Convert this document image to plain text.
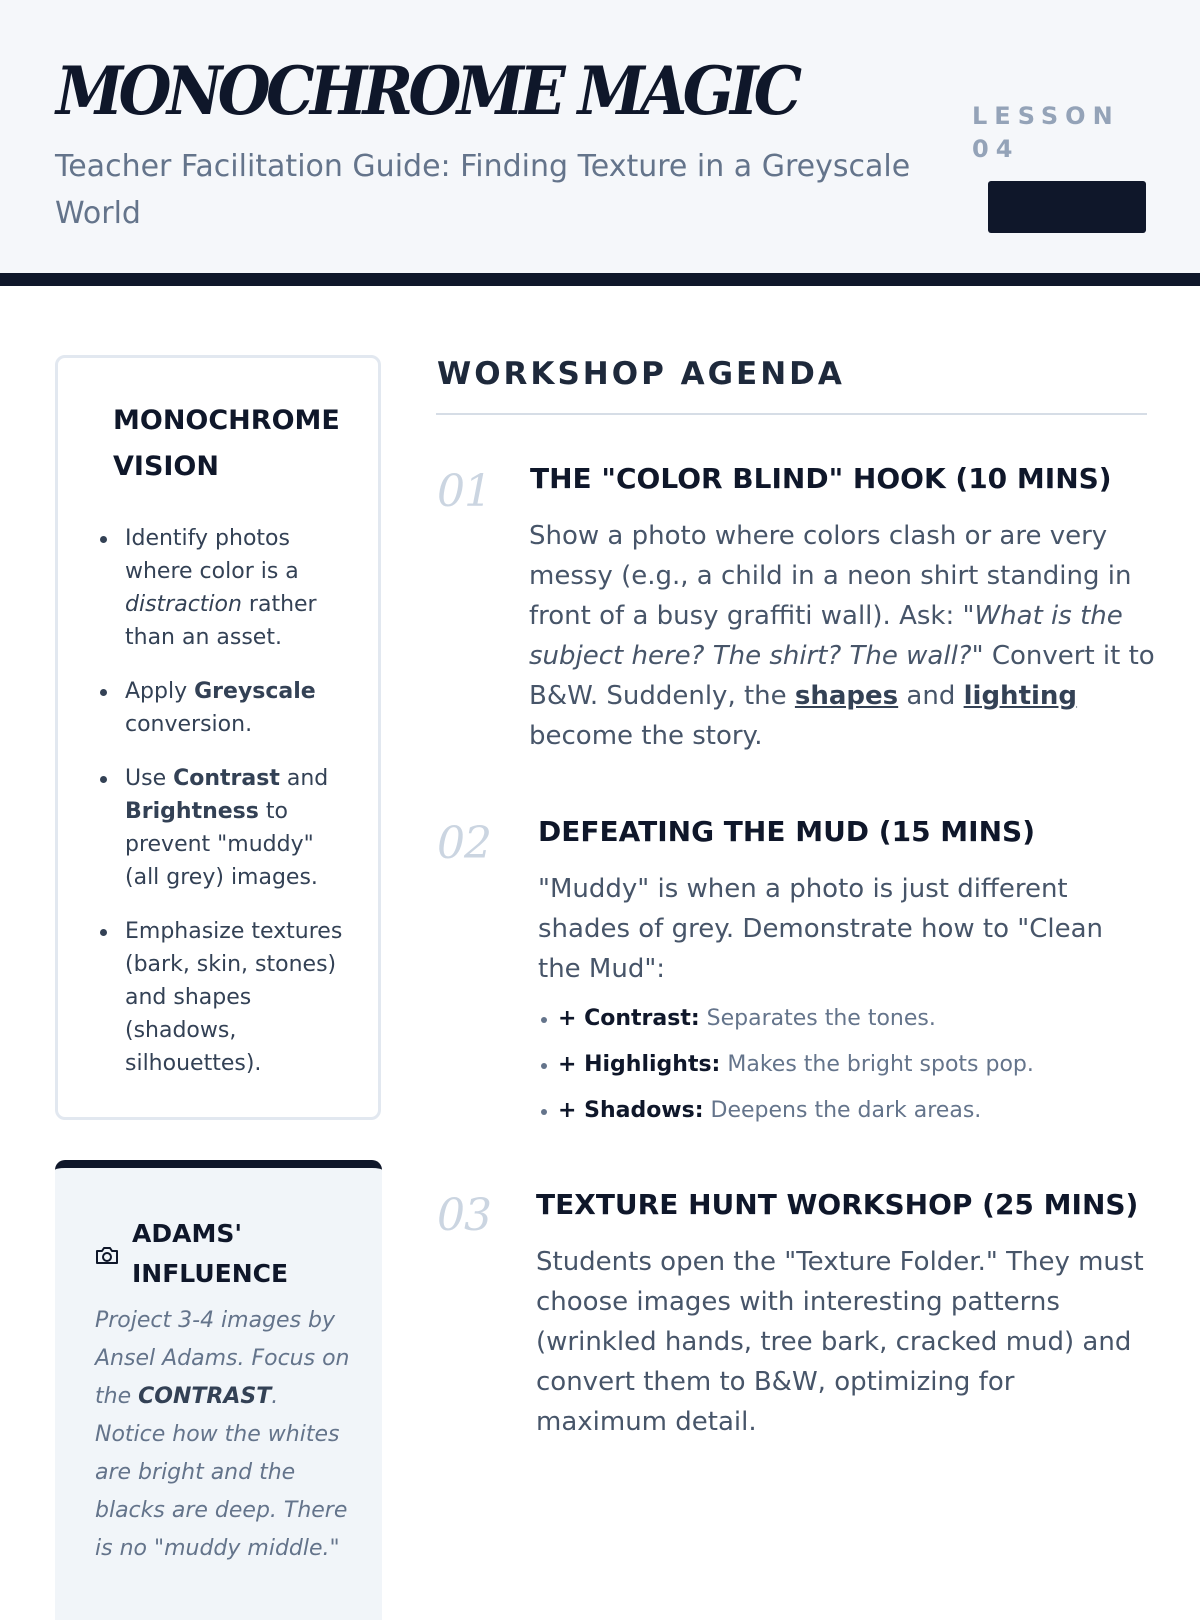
MONOCHROME MAGIC
Teacher Facilitation Guide: Finding Texture in a Greyscale World
LESSON 04
MONOCHROME VISION
Identify photos where color is a distraction rather than an asset.
Apply Greyscale conversion.
Use Contrast and Brightness to prevent "muddy" (all grey) images.
Emphasize textures (bark, skin, stones) and shapes (shadows, silhouettes).
ADAMS' INFLUENCE
Project 3-4 images by Ansel Adams. Focus on the CONTRAST. Notice how the whites are bright and the blacks are deep. There is no "muddy middle."
WORKSHOP AGENDA
01 THE "COLOR BLIND" HOOK (10 MINS)
Show a photo where colors clash or are very messy (e.g., a child in a neon shirt standing in front of a busy graffiti wall). Ask: "What is the subject here? The shirt? The wall?" Convert it to B&W. Suddenly, the shapes and lighting become the story.
02 DEFEATING THE MUD (15 MINS)
"Muddy" is when a photo is just different shades of grey. Demonstrate how to "Clean the Mud":
+ Contrast: Separates the tones.
+ Highlights: Makes the bright spots pop.
+ Shadows: Deepens the dark areas.
03 TEXTURE HUNT WORKSHOP (25 MINS)
Students open the "Texture Folder." They must choose images with interesting patterns (wrinkled hands, tree bark, cracked mud) and convert them to B&W, optimizing for maximum detail.
